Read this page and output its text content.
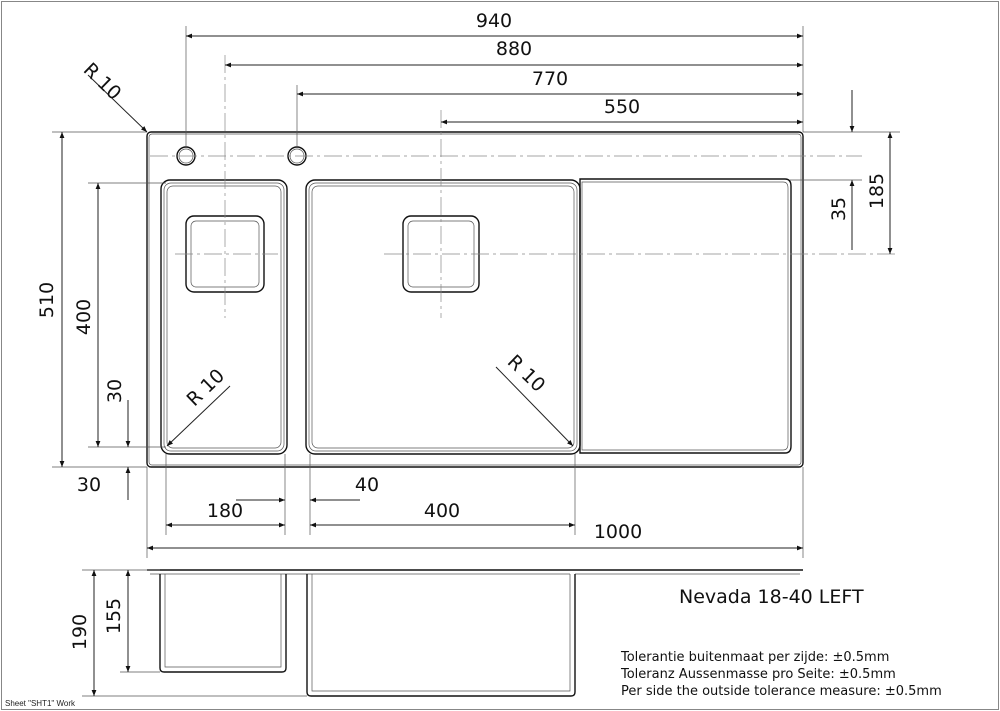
940
880
770
550
R 10
R 10	R 10
35 185
510 400
30
30
180
40
400
1000
190 155
Nevada 18-40 LEFT
Tolerantie buitenmaat per zijde: ±0.5mm
Toleranz Aussenmasse pro Seite: ±0.5mm
Per side the outside tolerance measure: ±0.5mm
Sheet "SHT1" Work
